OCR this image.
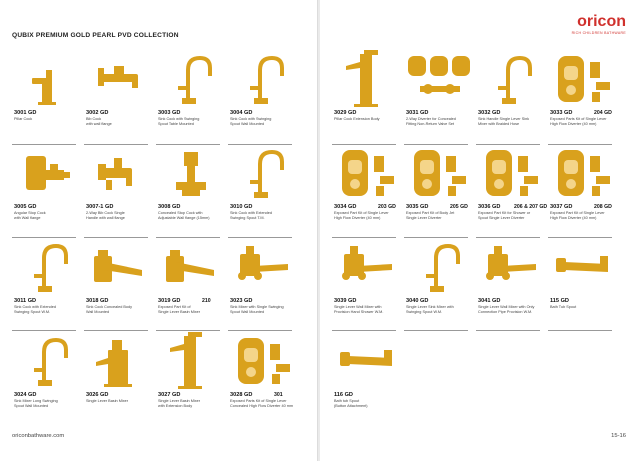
QUBIX PREMIUM GOLD PEARL PVD COLLECTION
3001 GD
Pillar Cock
3002 GD
Bib Cock
with wall flange
3003 GD
Sink Cock with Swinging
Spout Table Mounted
3004 GD
Sink Cock with Swinging
Spout Wall Mounted
3005 GD
Angular Stop Cock
with Wall flange
3007-1 GD
2-Way Bib Cock Single
Handle with wall flange
3008 GD
Concealed Stop Cock with
Adjustable Wall flange (15mm)
3010 GD
Sink Cock with Extended
Swinging Spout T.M.
3011 GD
Sink Cock with Extended
Swinging Spout W.M.
3018 GD
Sink Cock Concealed Body
Wall Mounted
3019 GD	210
Exposed Part Kit of
Single Lever Basin Mixer
3023 GD
Sink Mixer with Single Swinging
Spout Wall Mounted
3024 GD
Sink Mixer Long Swinging
Spout Wall Mounted
3026 GD
Single Lever Basin Mixer
3027 GD
Single Lever Basin Mixer
with Extension Body
3028 GD	301
Exposed Parts Kit of Single Lever
Concealed High Flow Diverter 40 mm
oriconbathware.com
oricon
RICH CHILDREN BATHWARE
3029 GD
Pillar Cock Extension Body
3031 GD
2-Way Diverter for Concealed
Fitting Non-Return Valve Set
3032 GD
Sink Handle Single Lever Sink
Mixer with Braided Hose
3033 GD	204 GD
Exposed Parts Kit of Single Lever
High Flow Diverter (40 mm)
3034 GD	203 GD
Exposed Part Kit of Single Lever
High Flow Diverter (40 mm)
3035 GD	205 GD
Exposed Part Kit of Body Jet
Single Lever Diverter
3036 GD	206 & 207 GD
Exposed Part Kit for Shower or
Spout Single Lever Diverter
3037 GD	208 GD
Exposed Part Kit of Single Lever
High Flow Diverter (40 mm)
3039 GD
Single Lever Wall Mixer with
Provision Hand Shower W.M.
3040 GD
Single Lever Sink Mixer with
Swinging Spout W.M.
3041 GD
Single Lever Wall Mixer with Only
Connection Pipe Provision W.M.
115 GD
Bath Tub Spout
116 GD
Bath tub Spout
(Button Attachment)
15-16
